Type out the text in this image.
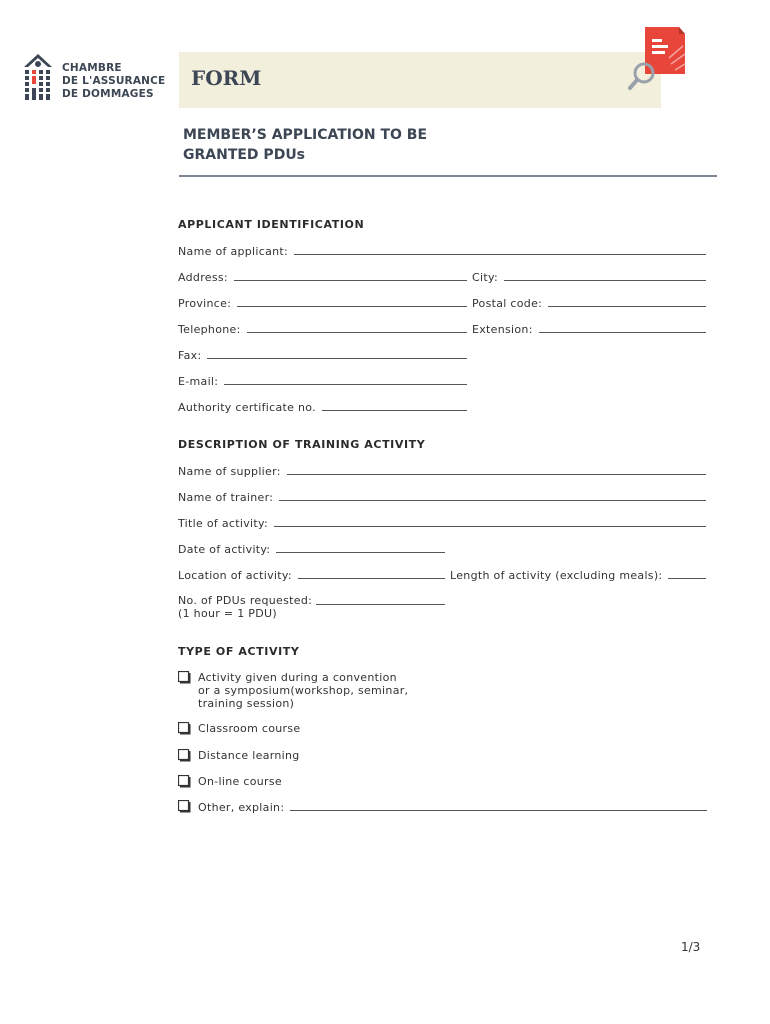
CHAMBRE
DE L'ASSURANCE
DE DOMMAGES
FORM
MEMBER’S APPLICATION TO BE
GRANTED PDUs
APPLICANT IDENTIFICATION
Name of applicant:
Address:	City:
Province:	Postal code:
Telephone:	Extension:
Fax:
E-mail:
Authority certificate no.
DESCRIPTION OF TRAINING ACTIVITY
Name of supplier:
Name of trainer:
Title of activity:
Date of activity:
Location of activity:	Length of activity (excluding meals):
No. of PDUs requested:
(1 hour = 1 PDU)
TYPE OF ACTIVITY
Activity given during a convention
or a symposium(workshop, seminar,
training session)
Classroom course
Distance learning
On-line course
Other, explain:
1/3
